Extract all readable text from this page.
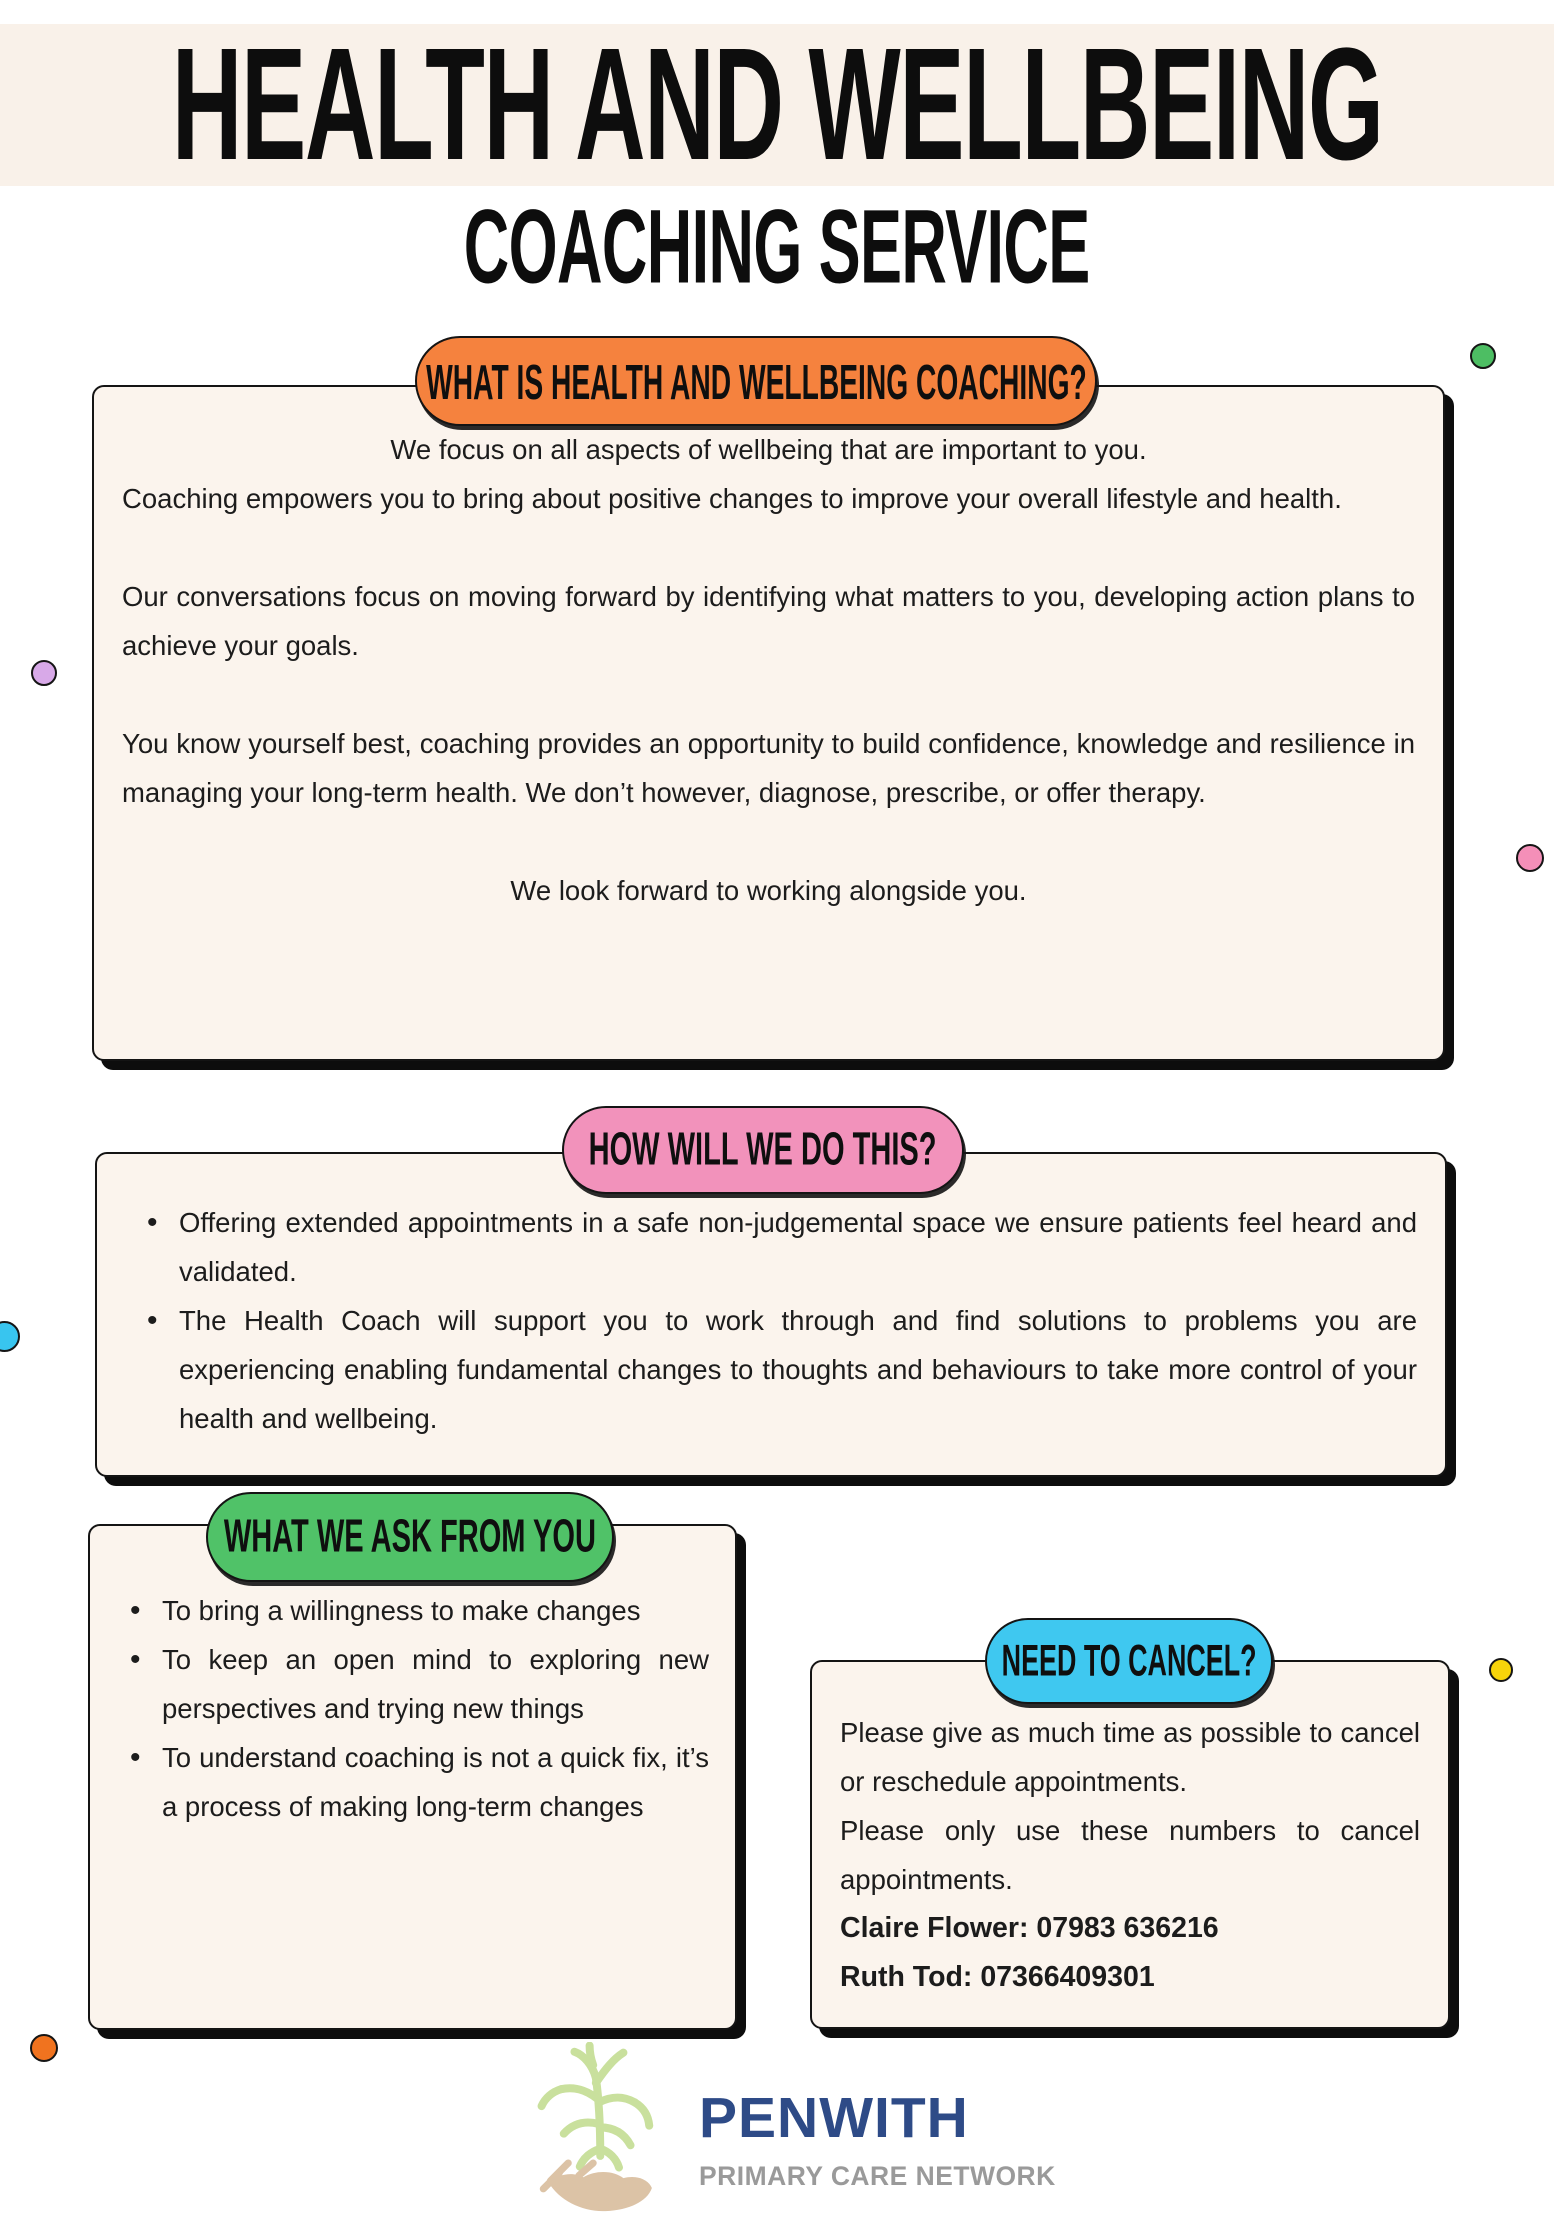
HEALTH AND WELLBEING
COACHING SERVICE
WHAT IS HEALTH AND WELLBEING COACHING?

We focus on all aspects of wellbeing that are important to you.

Coaching empowers you to bring about positive changes to improve your overall lifestyle and health.

Our conversations focus on moving forward by identifying what matters to you, developing action plans to achieve your goals.

You know yourself best, coaching provides an opportunity to build confidence, knowledge and resilience in managing your long-term health. We don’t however, diagnose, prescribe, or offer therapy.

We look forward to working alongside you.

HOW WILL WE DO THIS?
• Offering extended appointments in a safe non-judgemental space we ensure patients feel heard and validated.
• The Health Coach will support you to work through and find solutions to problems you are experiencing enabling fundamental changes to thoughts and behaviours to take more control of your health and wellbeing.
WHAT WE ASK FROM YOU
• To bring a willingness to make changes
• To keep an open mind to exploring new perspectives and trying new things
• To understand coaching is not a quick fix, it’s a process of making long-term changes
NEED TO CANCEL?

Please give as much time as possible to cancel or reschedule appointments.

Please only use these numbers to cancel appointments.

Claire Flower: 07983 636216

Ruth Tod: 07366409301

PENWITH
PRIMARY CARE NETWORK
